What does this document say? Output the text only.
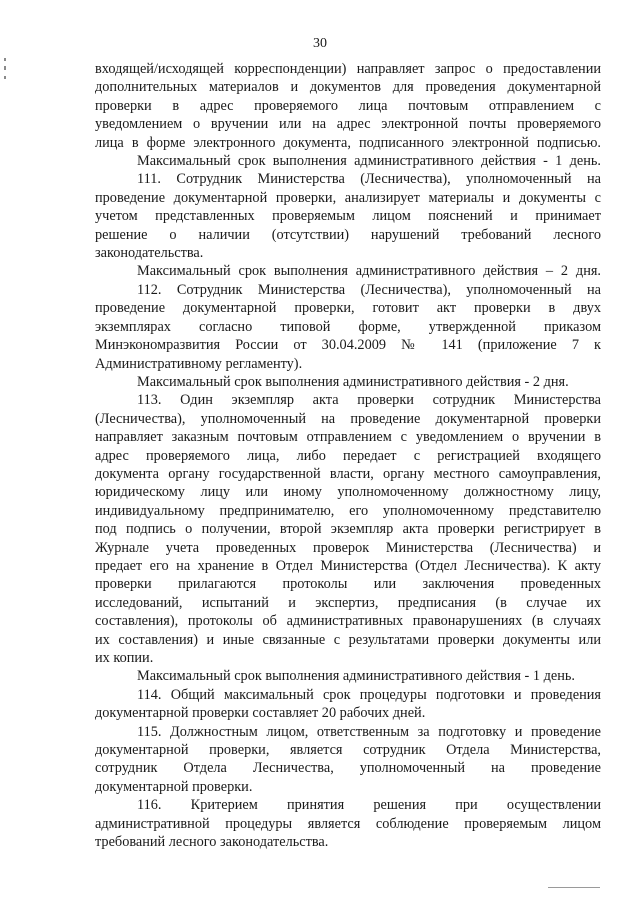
30
входящей/исходящей корреспонденции) направляет запрос о предоставлении
дополнительных материалов и документов для проведения документарной
проверки в адрес проверяемого лица почтовым отправлением с
уведомлением о вручении или на адрес электронной почты проверяемого
лица в форме электронного документа, подписанного электронной подписью.
Максимальный срок выполнения административного действия - 1 день.
111. Сотрудник Министерства (Лесничества), уполномоченный на
проведение документарной проверки, анализирует материалы и документы с
учетом представленных проверяемым лицом пояснений и принимает
решение о наличии (отсутствии) нарушений требований лесного
законодательства.
Максимальный срок выполнения административного действия – 2 дня.
112. Сотрудник Министерства (Лесничества), уполномоченный на
проведение документарной проверки, готовит акт проверки в двух
экземплярах согласно типовой форме, утвержденной приказом
Минэкономразвития России от 30.04.2009 № 141 (приложение 7 к
Административному регламенту).
Максимальный срок выполнения административного действия - 2 дня.
113. Один экземпляр акта проверки сотрудник Министерства
(Лесничества), уполномоченный на проведение документарной проверки
направляет заказным почтовым отправлением с уведомлением о вручении в
адрес проверяемого лица, либо передает с регистрацией входящего
документа органу государственной власти, органу местного самоуправления,
юридическому лицу или иному уполномоченному должностному лицу,
индивидуальному предпринимателю, его уполномоченному представителю
под подпись о получении, второй экземпляр акта проверки регистрирует в
Журнале учета проведенных проверок Министерства (Лесничества) и
предает его на хранение в Отдел Министерства (Отдел Лесничества). К акту
проверки прилагаются протоколы или заключения проведенных
исследований, испытаний и экспертиз, предписания (в случае их
составления), протоколы об административных правонарушениях (в случаях
их составления) и иные связанные с результатами проверки документы или
их копии.
Максимальный срок выполнения административного действия - 1 день.
114. Общий максимальный срок процедуры подготовки и проведения
документарной проверки составляет 20 рабочих дней.
115. Должностным лицом, ответственным за подготовку и проведение
документарной проверки, является сотрудник Отдела Министерства,
сотрудник Отдела Лесничества, уполномоченный на проведение
документарной проверки.
116. Критерием принятия решения при осуществлении
административной процедуры является соблюдение проверяемым лицом
требований лесного законодательства.
